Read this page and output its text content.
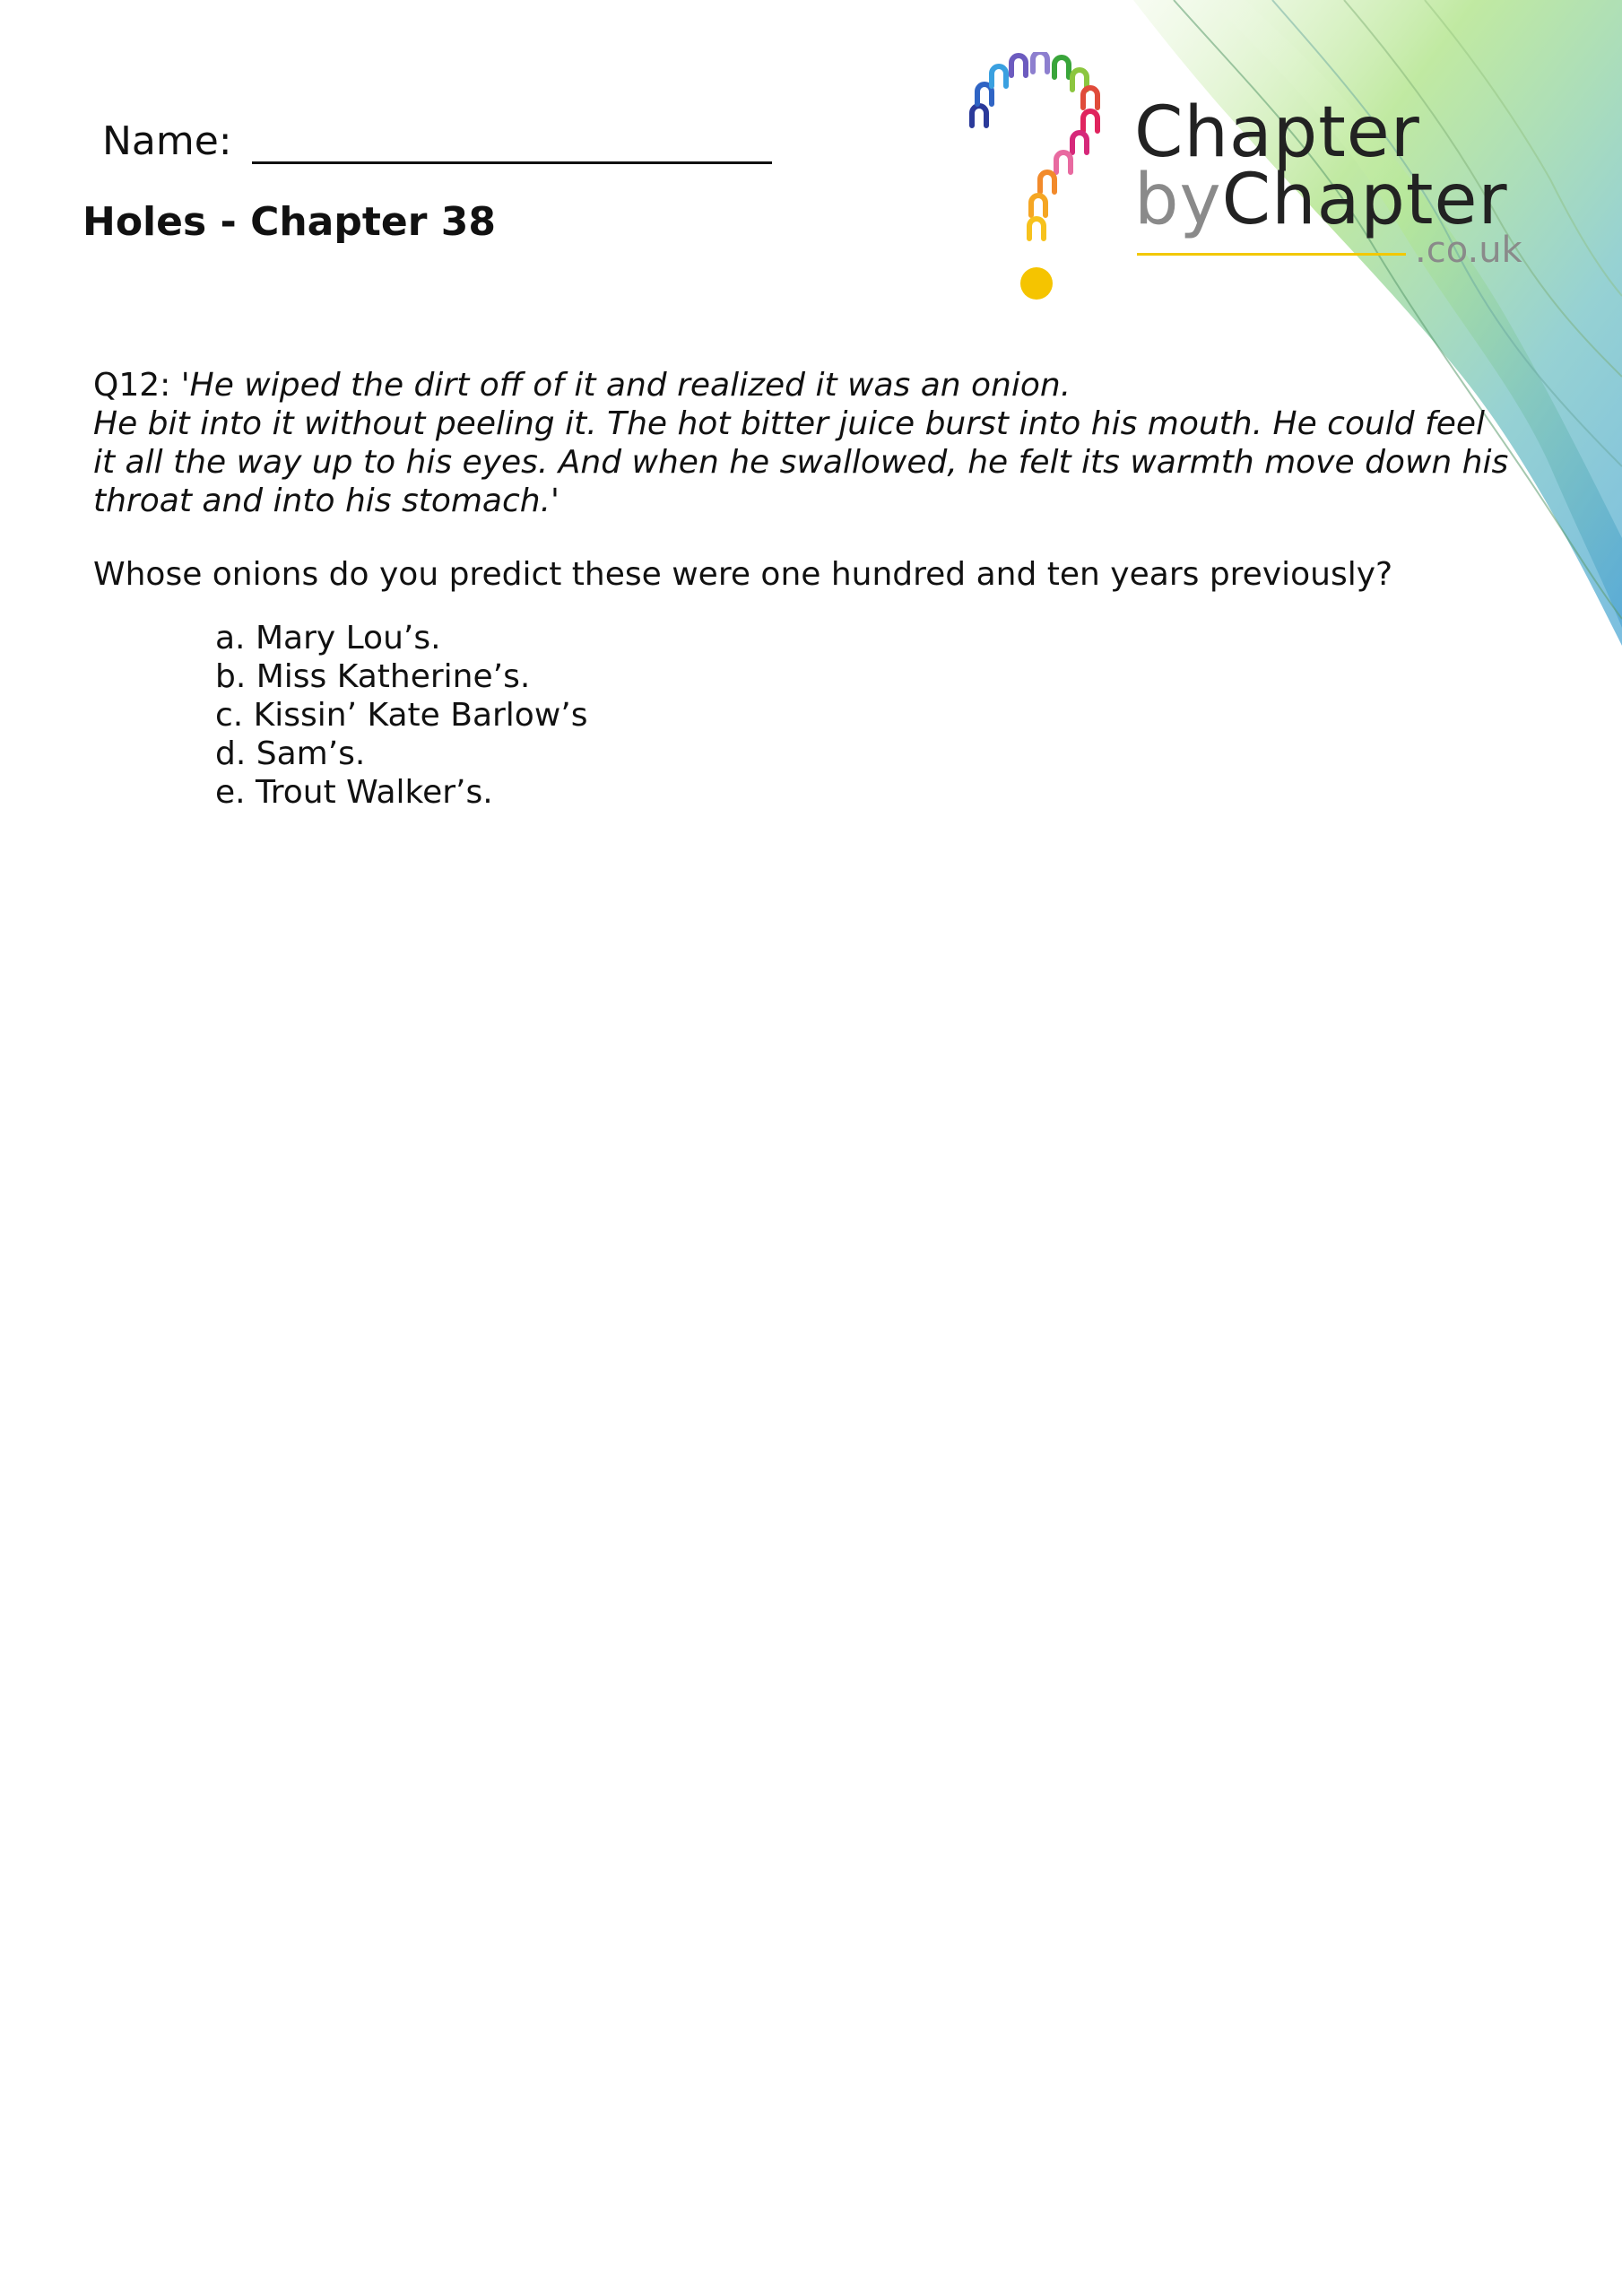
Name:
Holes - Chapter 38
Chapter
byChapter
.co.uk
Q12: 'He wiped the dirt off of it and realized it was an onion.
He bit into it without peeling it. The hot bitter juice burst into his mouth. He could feel
it all the way up to his eyes. And when he swallowed, he felt its warmth move down his
throat and into his stomach.'
Whose onions do you predict these were one hundred and ten years previously?
a. Mary Lou’s.
b. Miss Katherine’s.
c. Kissin’ Kate Barlow’s
d. Sam’s.
e. Trout Walker’s.
